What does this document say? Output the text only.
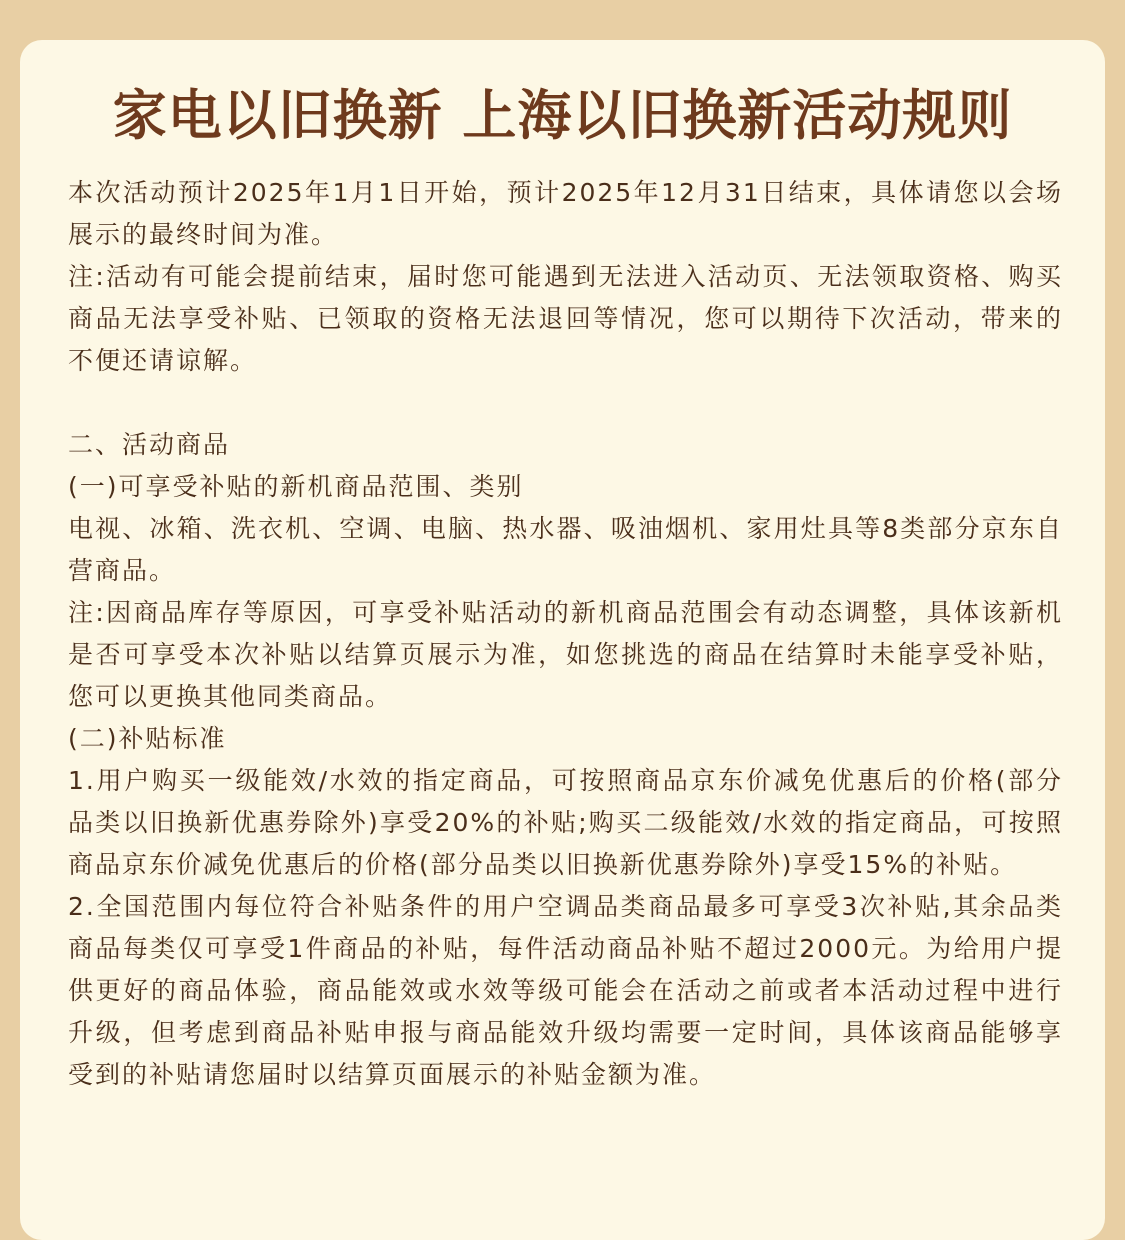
家电以旧换新 上海以旧换新活动规则

本次活动预计2025年1月1日开始，预计2025年12月31日结束，具体请您以会场展示的最终时间为准。

注:活动有可能会提前结束，届时您可能遇到无法进入活动页、无法领取资格、购买商品无法享受补贴、已领取的资格无法退回等情况，您可以期待下次活动，带来的不便还请谅解。

二、活动商品

(一)可享受补贴的新机商品范围、类别

电视、冰箱、洗衣机、空调、电脑、热水器、吸油烟机、家用灶具等8类部分京东自营商品。

注:因商品库存等原因，可享受补贴活动的新机商品范围会有动态调整，具体该新机是否可享受本次补贴以结算页展示为准，如您挑选的商品在结算时未能享受补贴，您可以更换其他同类商品。

(二)补贴标准

1.用户购买一级能效/水效的指定商品，可按照商品京东价减免优惠后的价格(部分品类以旧换新优惠券除外)享受20%的补贴;购买二级能效/水效的指定商品，可按照商品京东价减免优惠后的价格(部分品类以旧换新优惠券除外)享受15%的补贴。

2.全国范围内每位符合补贴条件的用户空调品类商品最多可享受3次补贴,其余品类商品每类仅可享受1件商品的补贴，每件活动商品补贴不超过2000元。为给用户提供更好的商品体验，商品能效或水效等级可能会在活动之前或者本活动过程中进行升级，但考虑到商品补贴申报与商品能效升级均需要一定时间，具体该商品能够享受到的补贴请您届时以结算页面展示的补贴金额为准。
